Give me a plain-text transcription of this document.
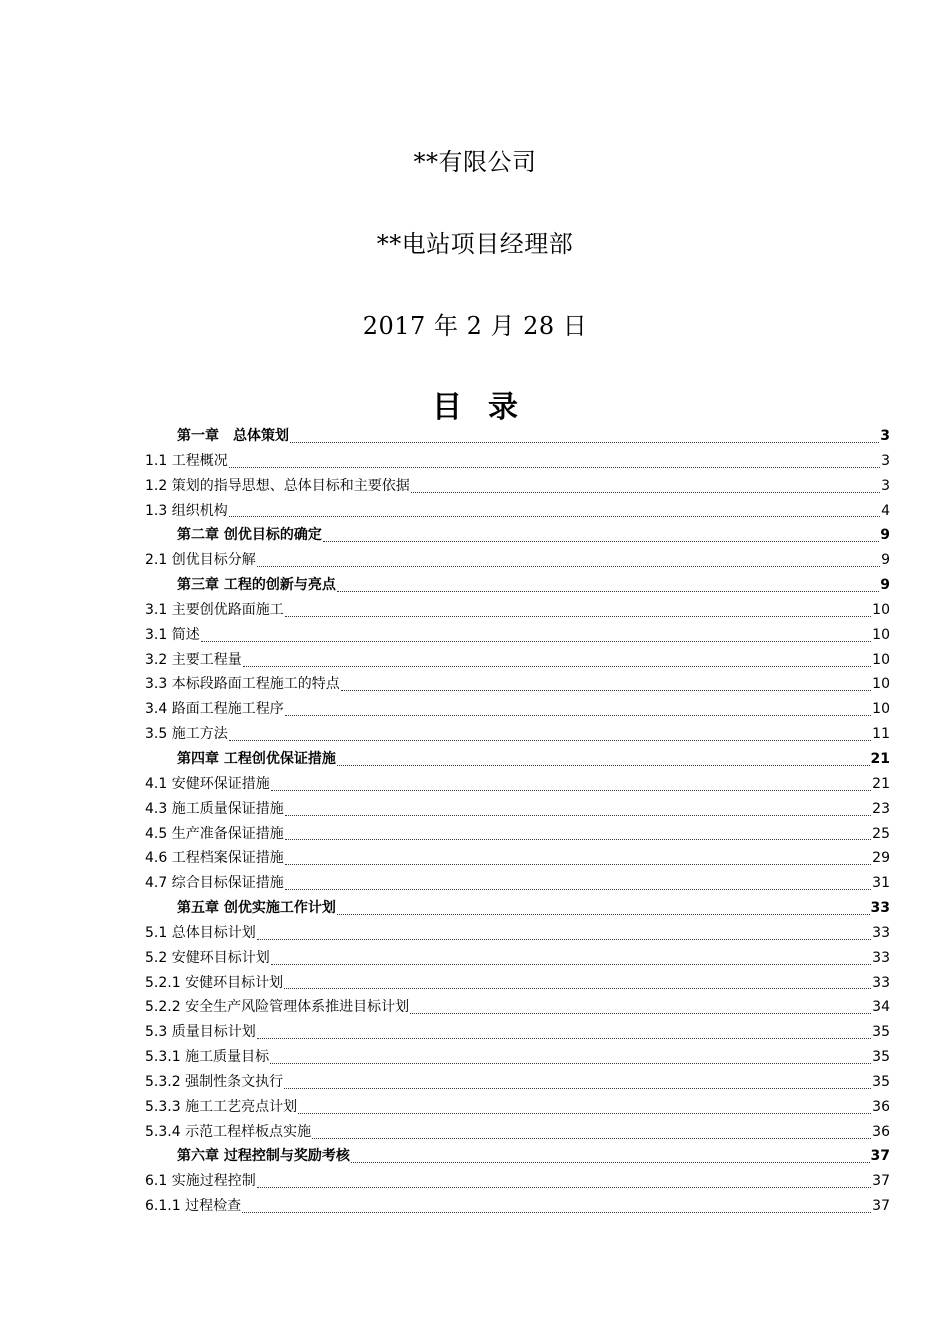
**有限公司
**电站项目经理部
2017 年 2 月 28 日
目录
第一章　总体策划	3
1.1 工程概况	3
1.2 策划的指导思想、总体目标和主要依据	3
1.3 组织机构	4
第二章 创优目标的确定	9
2.1 创优目标分解	9
第三章 工程的创新与亮点	9
3.1 主要创优路面施工	10
3.1 简述	10
3.2 主要工程量	10
3.3 本标段路面工程施工的特点	10
3.4 路面工程施工程序	10
3.5 施工方法	11
第四章 工程创优保证措施	21
4.1 安健环保证措施	21
4.3 施工质量保证措施	23
4.5 生产准备保证措施	25
4.6 工程档案保证措施	29
4.7 综合目标保证措施	31
第五章 创优实施工作计划	33
5.1 总体目标计划	33
5.2 安健环目标计划	33
5.2.1 安健环目标计划	33
5.2.2 安全生产风险管理体系推进目标计划	34
5.3 质量目标计划	35
5.3.1 施工质量目标	35
5.3.2 强制性条文执行	35
5.3.3 施工工艺亮点计划	36
5.3.4 示范工程样板点实施	36
第六章 过程控制与奖励考核	37
6.1 实施过程控制	37
6.1.1 过程检查	37
